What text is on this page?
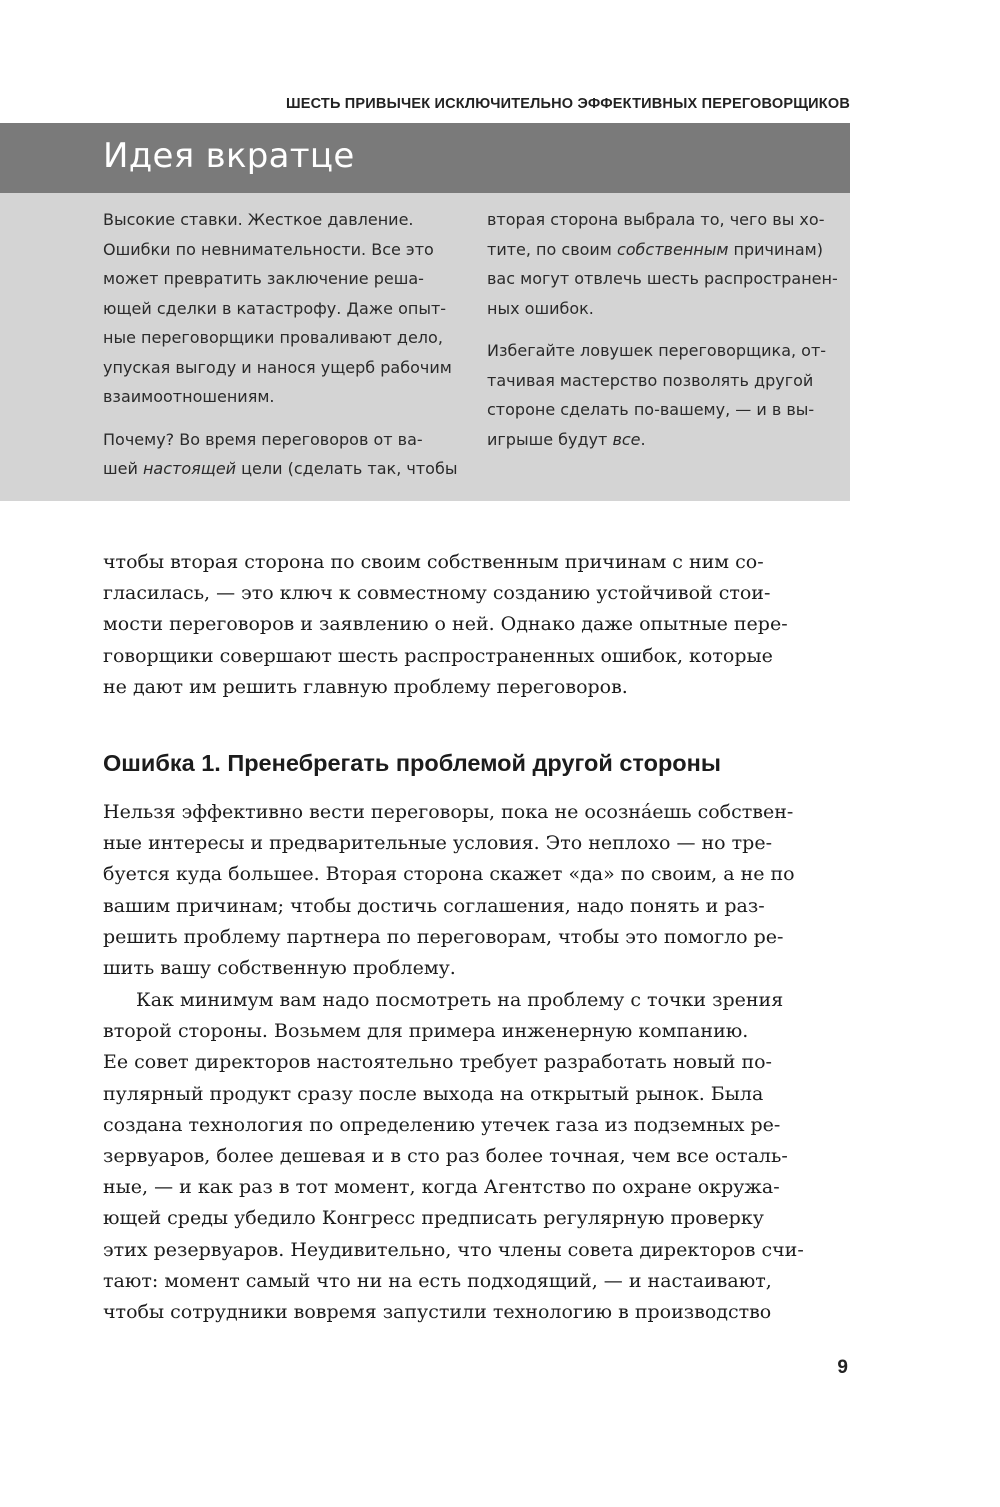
ШЕСТЬ ПРИВЫЧЕК ИСКЛЮЧИТЕЛЬНО ЭФФЕКТИВНЫХ ПЕРЕГОВОРЩИКОВ
Идея вкратце

Высокие ставки. Жесткое давление.
Ошибки по невнимательности. Все это
может превратить заключение реша-
ющей сделки в катастрофу. Даже опыт-
ные переговорщики проваливают дело,
упуская выгоду и нанося ущерб рабочим
взаимоотношениям.

Почему? Во время переговоров от ва-
шей настоящей цели (сделать так, чтобы

вторая сторона выбрала то, чего вы хо-
тите, по своим собственным причинам)
вас могут отвлечь шесть распространен-
ных ошибок.

Избегайте ловушек переговорщика, от-
тачивая мастерство позволять другой
стороне сделать по-вашему, — и в вы-
игрыше будут все.

чтобы вторая сторона по своим собственным причинам с ним со-

гласилась, — это ключ к совместному созданию устойчивой стои-

мости переговоров и заявлению о ней. Однако даже опытные пере-

говорщики совершают шесть распространенных ошибок, которые

не дают им решить главную проблему переговоров.

Ошибка 1. Пренебрегать проблемой другой стороны

Нельзя эффективно вести переговоры, пока не осозна́ешь собствен-

ные интересы и предварительные условия. Это неплохо — но тре-

буется куда большее. Вторая сторона скажет «да» по своим, а не по

вашим причинам; чтобы достичь соглашения, надо понять и раз-

решить проблему партнера по переговорам, чтобы это помогло ре-

шить вашу собственную проблему.

Как минимум вам надо посмотреть на проблему с точки зрения

второй стороны. Возьмем для примера инженерную компанию.

Ее совет директоров настоятельно требует разработать новый по-

пулярный продукт сразу после выхода на открытый рынок. Была

создана технология по определению утечек газа из подземных ре-

зервуаров, более дешевая и в сто раз более точная, чем все осталь-

ные, — и как раз в тот момент, когда Агентство по охране окружа-

ющей среды убедило Конгресс предписать регулярную проверку

этих резервуаров. Неудивительно, что члены совета директоров счи-

тают: момент самый что ни на есть подходящий, — и настаивают,

чтобы сотрудники вовремя запустили технологию в производство

9
